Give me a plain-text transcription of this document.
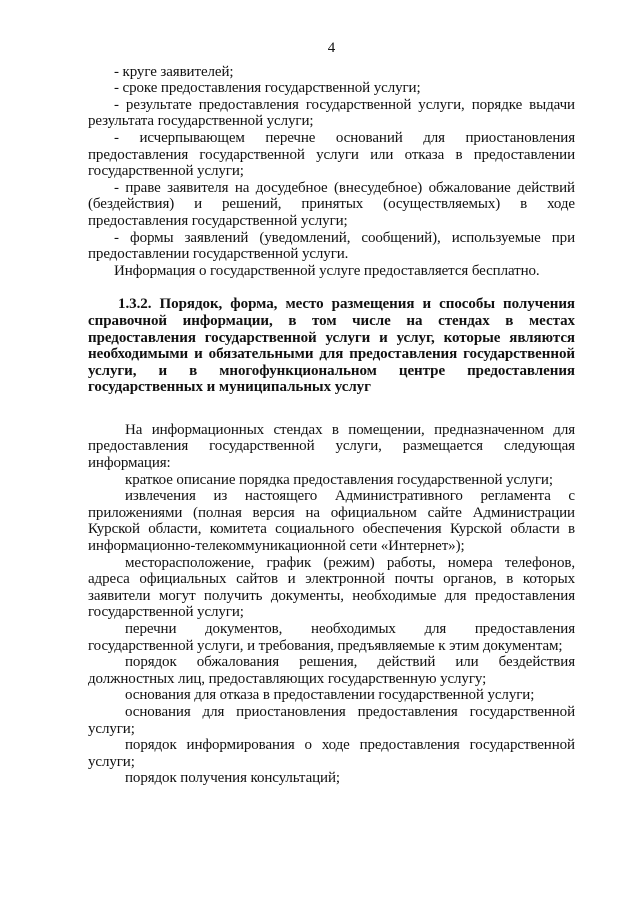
4

- круге заявителей;

- сроке предоставления государственной услуги;

- результате предоставления государственной услуги, порядке выдачи результата государственной услуги;

- исчерпывающем перечне оснований для приостановления предоставления государственной услуги или отказа в предоставлении государственной услуги;

- праве заявителя на досудебное (внесудебное) обжалование действий (бездействия) и решений, принятых (осуществляемых) в ходе предоставления государственной услуги;

- формы заявлений (уведомлений, сообщений), используемые при предоставлении государственной услуги.

Информация о государственной услуге предоставляется бесплатно.

1.3.2. Порядок, форма, место размещения и способы получения справочной информации, в том числе на стендах в местах предоставления государственной услуги и услуг, которые являются необходимыми и обязательными для предоставления государственной услуги, и в многофункциональном центре предоставления государственных и муниципальных услуг

На информационных стендах в помещении, предназначенном для предоставления государственной услуги, размещается следующая информация:

краткое описание порядка предоставления государственной услуги;

извлечения из настоящего Административного регламента с приложениями (полная версия на официальном сайте Администрации Курской области, комитета социального обеспечения Курской области в информационно-телекоммуникационной сети «Интернет»);

месторасположение, график (режим) работы, номера телефонов, адреса официальных сайтов и электронной почты органов, в которых заявители могут получить документы, необходимые для предоставления государственной услуги;

перечни документов, необходимых для предоставления государственной услуги, и требования, предъявляемые к этим документам;

порядок обжалования решения, действий или бездействия должностных лиц, предоставляющих государственную услугу;

основания для отказа в предоставлении государственной услуги;

основания для приостановления предоставления государственной услуги;

порядок информирования о ходе предоставления государственной услуги;

порядок получения консультаций;
